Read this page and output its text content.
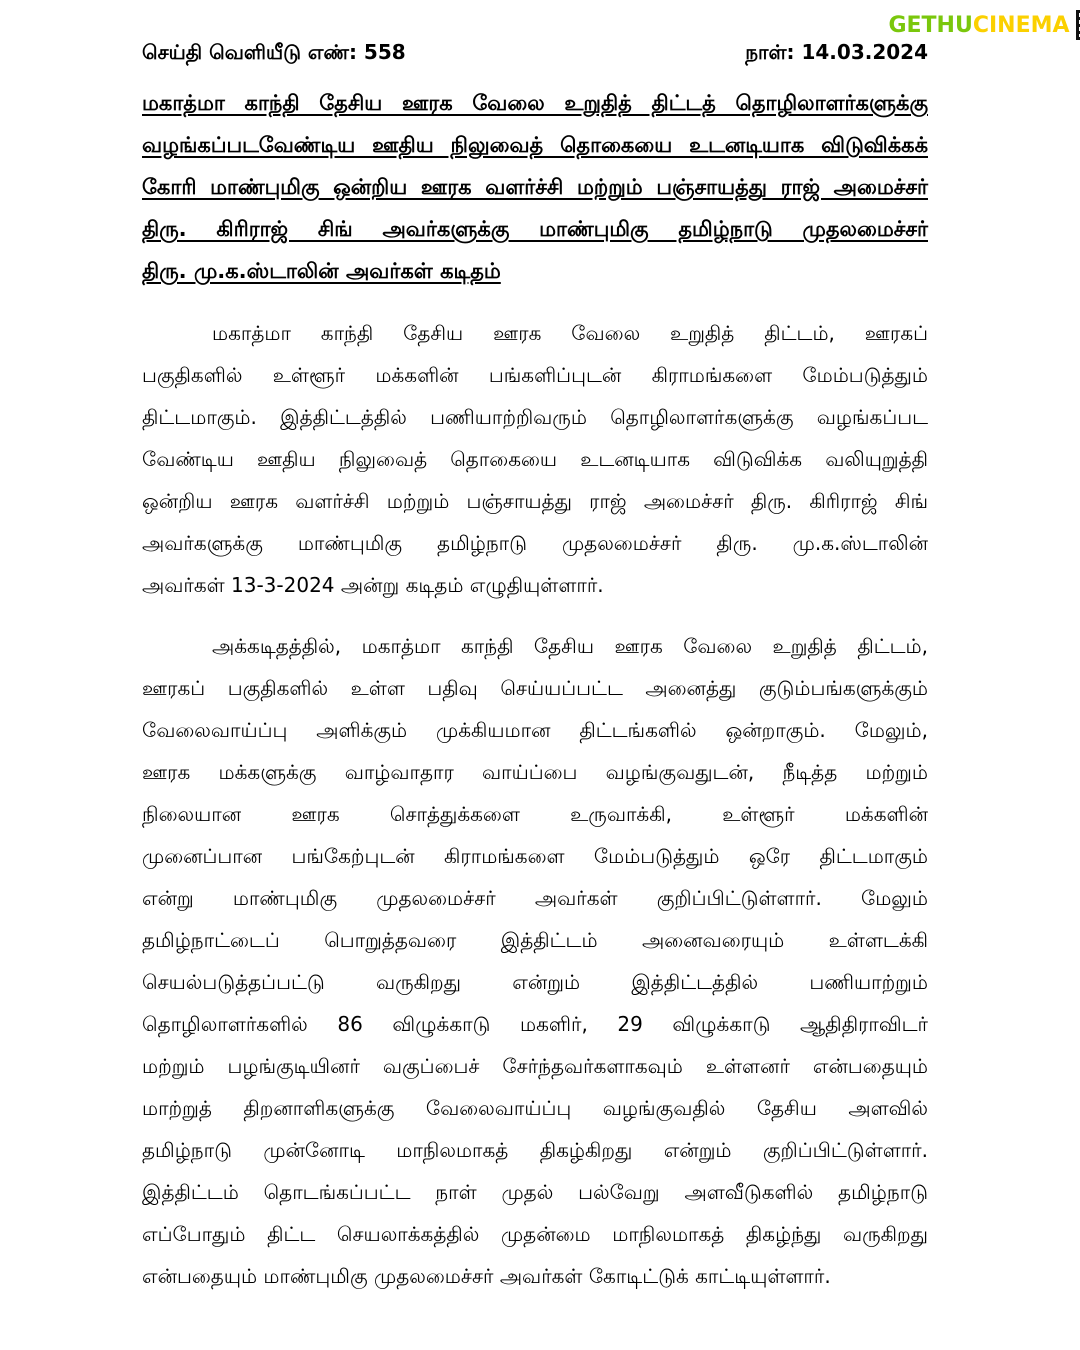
GETHUCINEMA
செய்தி வெளியீடு எண்: 558	நாள்: 14.03.2024
மகாத்மா காந்தி தேசிய ஊரக வேலை உறுதித் திட்டத் தொழிலாளர்களுக்கு
வழங்கப்படவேண்டிய ஊதிய நிலுவைத் தொகையை உடனடியாக விடுவிக்கக்
கோரி மாண்புமிகு ஒன்றிய ஊரக வளர்ச்சி மற்றும் பஞ்சாயத்து ராஜ் அமைச்சர்
திரு. கிரிராஜ் சிங் அவர்களுக்கு மாண்புமிகு தமிழ்நாடு முதலமைச்சர்
திரு. மு.க.ஸ்டாலின் அவர்கள் கடிதம்
மகாத்மா காந்தி தேசிய ஊரக வேலை உறுதித் திட்டம், ஊரகப்
பகுதிகளில் உள்ளூர் மக்களின் பங்களிப்புடன் கிராமங்களை மேம்படுத்தும்
திட்டமாகும். இத்திட்டத்தில் பணியாற்றிவரும் தொழிலாளர்களுக்கு வழங்கப்பட
வேண்டிய ஊதிய நிலுவைத் தொகையை உடனடியாக விடுவிக்க வலியுறுத்தி
ஒன்றிய ஊரக வளர்ச்சி மற்றும் பஞ்சாயத்து ராஜ் அமைச்சர் திரு. கிரிராஜ் சிங்
அவர்களுக்கு மாண்புமிகு தமிழ்நாடு முதலமைச்சர் திரு. மு.க.ஸ்டாலின்
அவர்கள் 13-3-2024 அன்று கடிதம் எழுதியுள்ளார்.
அக்கடிதத்தில், மகாத்மா காந்தி தேசிய ஊரக வேலை உறுதித் திட்டம்,
ஊரகப் பகுதிகளில் உள்ள பதிவு செய்யப்பட்ட அனைத்து குடும்பங்களுக்கும்
வேலைவாய்ப்பு அளிக்கும் முக்கியமான திட்டங்களில் ஒன்றாகும். மேலும்,
ஊரக மக்களுக்கு வாழ்வாதார வாய்ப்பை வழங்குவதுடன், நீடித்த மற்றும்
நிலையான ஊரக சொத்துக்களை உருவாக்கி, உள்ளூர் மக்களின்
முனைப்பான பங்கேற்புடன் கிராமங்களை மேம்படுத்தும் ஒரே திட்டமாகும்
என்று மாண்புமிகு முதலமைச்சர் அவர்கள் குறிப்பிட்டுள்ளார். மேலும்
தமிழ்நாட்டைப் பொறுத்தவரை இத்திட்டம் அனைவரையும் உள்ளடக்கி
செயல்படுத்தப்பட்டு வருகிறது என்றும் இத்திட்டத்தில் பணியாற்றும்
தொழிலாளர்களில் 86 விழுக்காடு மகளிர், 29 விழுக்காடு ஆதிதிராவிடர்
மற்றும் பழங்குடியினர் வகுப்பைச் சேர்ந்தவர்களாகவும் உள்ளனர் என்பதையும்
மாற்றுத் திறனாளிகளுக்கு வேலைவாய்ப்பு வழங்குவதில் தேசிய அளவில்
தமிழ்நாடு முன்னோடி மாநிலமாகத் திகழ்கிறது என்றும் குறிப்பிட்டுள்ளார்.
இத்திட்டம் தொடங்கப்பட்ட நாள் முதல் பல்வேறு அளவீடுகளில் தமிழ்நாடு
எப்போதும் திட்ட செயலாக்கத்தில் முதன்மை மாநிலமாகத் திகழ்ந்து வருகிறது
என்பதையும் மாண்புமிகு முதலமைச்சர் அவர்கள் கோடிட்டுக் காட்டியுள்ளார்.
